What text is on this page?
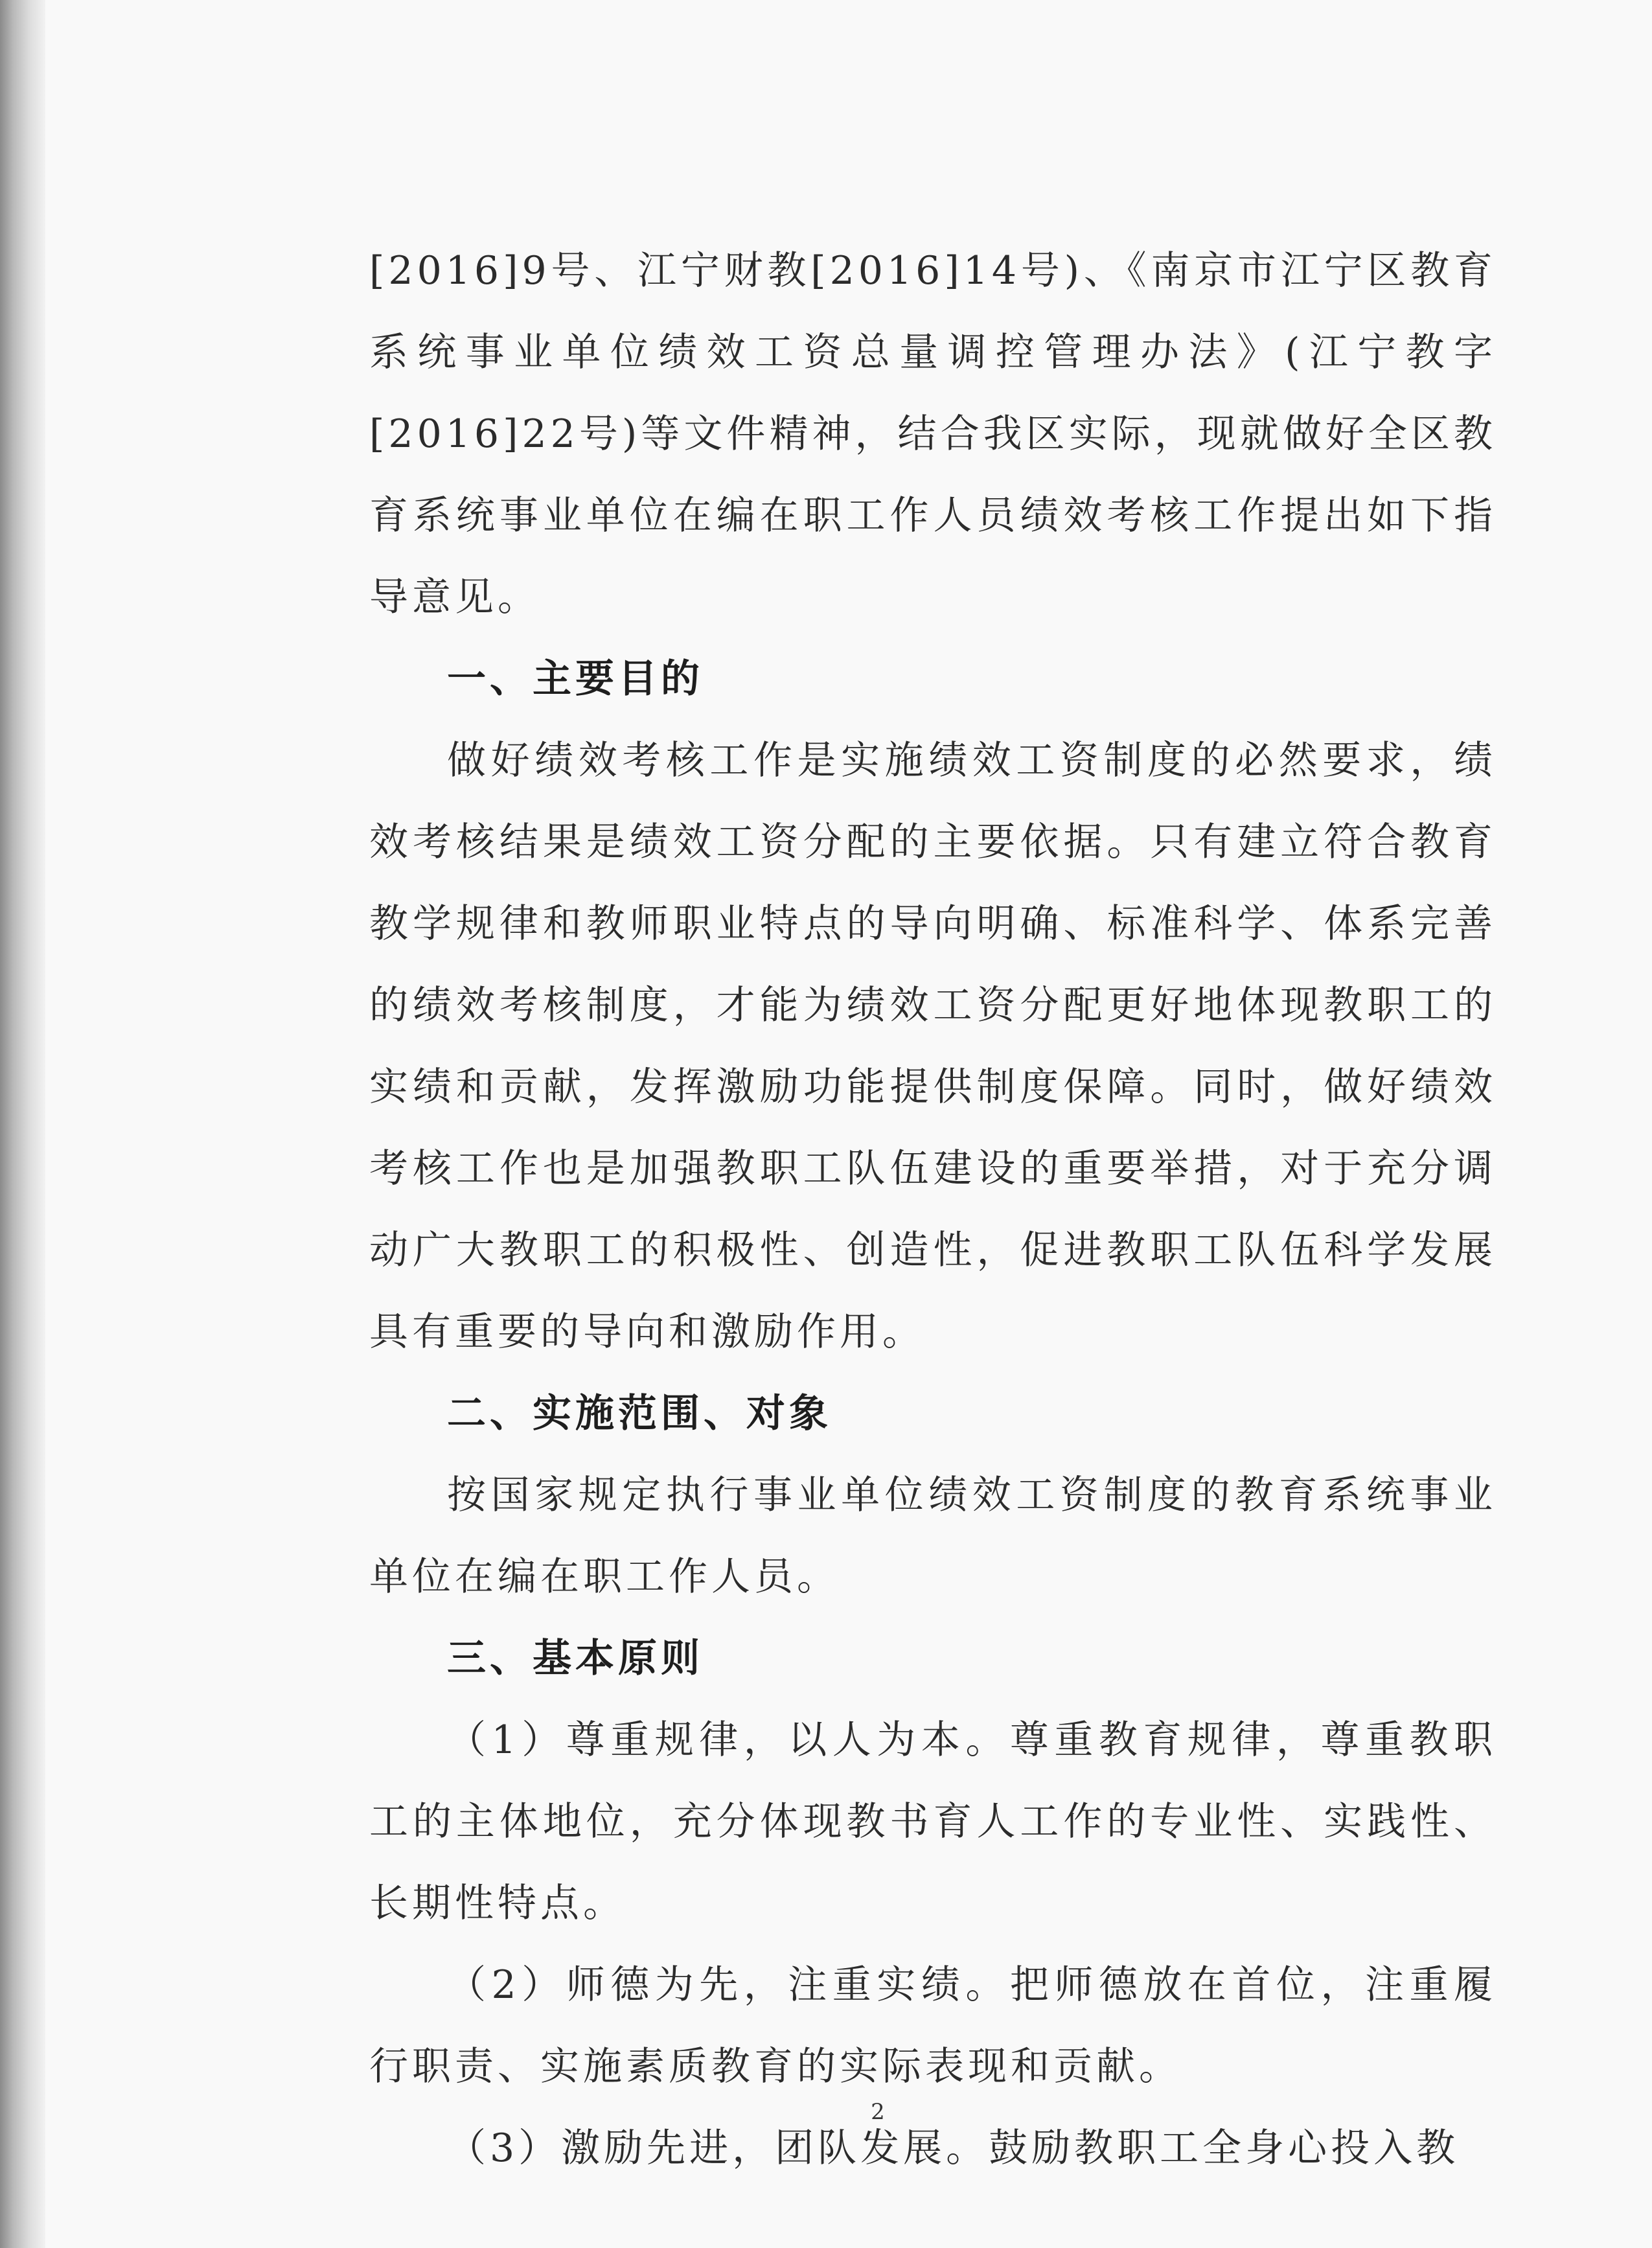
[2016]9号、江宁财教[2016]14号)、《南京市江宁区教育系统事业单位绩效工资总量调控管理办法》(江宁教字[2016]22号)等文件精神，结合我区实际，现就做好全区教育系统事业单位在编在职工作人员绩效考核工作提出如下指导意见。

一、主要目的

做好绩效考核工作是实施绩效工资制度的必然要求，绩效考核结果是绩效工资分配的主要依据。只有建立符合教育教学规律和教师职业特点的导向明确、标准科学、体系完善的绩效考核制度，才能为绩效工资分配更好地体现教职工的实绩和贡献，发挥激励功能提供制度保障。同时，做好绩效考核工作也是加强教职工队伍建设的重要举措，对于充分调动广大教职工的积极性、创造性，促进教职工队伍科学发展具有重要的导向和激励作用。

二、实施范围、对象

按国家规定执行事业单位绩效工资制度的教育系统事业单位在编在职工作人员。

三、基本原则

（1）尊重规律，以人为本。尊重教育规律，尊重教职工的主体地位，充分体现教书育人工作的专业性、实践性、长期性特点。

（2）师德为先，注重实绩。把师德放在首位，注重履行职责、实施素质教育的实际表现和贡献。

（3）激励先进，团队发展。鼓励教职工全身心投入教

2
